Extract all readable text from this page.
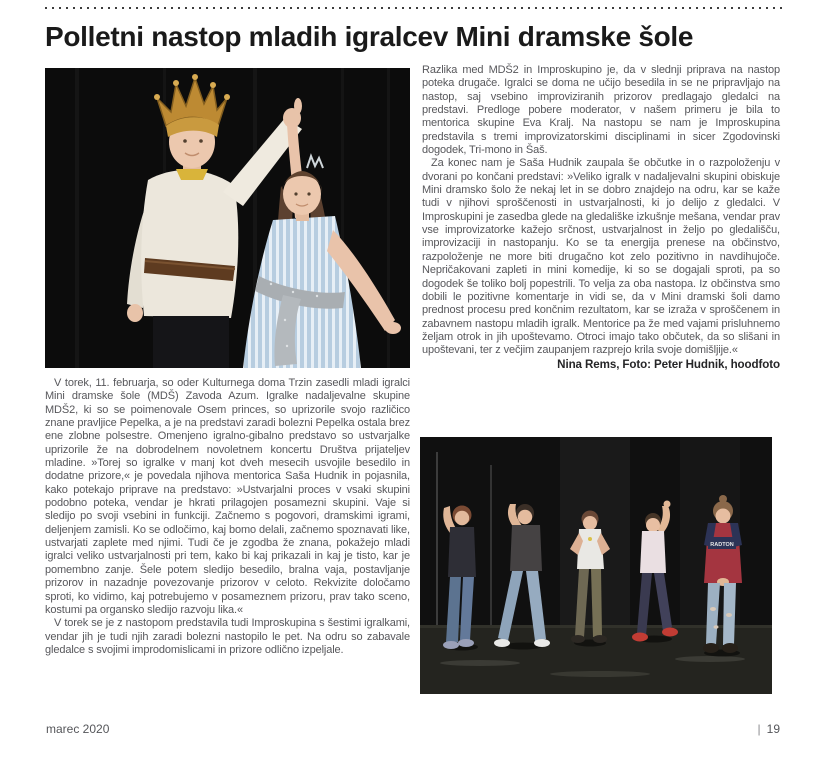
Polletni nastop mladih igralcev Mini dramske šole

V torek, 11. februarja, so oder Kulturnega doma Trzin zasedli mladi igralci Mini dramske šole (MDŠ) Zavoda Azum. Igralke nadaljevalne skupine MDŠ2, ki so se poimenovale Osem princes, so uprizorile svojo različico znane pravljice Pepelka, a je na predstavi zaradi bolezni Pepelka ostala brez ene zlobne polsestre. Omenjeno igralno-gibalno predstavo so ustvarjalke uprizorile že na dobrodelnem novoletnem koncertu Društva prijateljev mladine. »Torej so igralke v manj kot dveh mesecih usvojile besedilo in dodatne prizore,« je povedala njihova mentorica Saša Hudnik in pojasnila, kako potekajo priprave na predstavo: »Ustvarjalni proces v vsaki skupini podobno poteka, vendar je hkrati prilagojen posamezni skupini. Vaje si sledijo po svoji vsebini in funkciji. Začnemo s pogovori, dramskimi igrami, deljenjem zamisli. Ko se odločimo, kaj bomo delali, začnemo spoznavati like, ustvarjati zaplete med njimi. Tudi če je zgodba že znana, pokažejo mladi igralci veliko ustvarjalnosti pri tem, kako bi kaj prikazali in kaj je tisto, kar je pomembno zanje. Šele potem sledijo besedilo, bralna vaja, postavljanje prizorov in nazadnje povezovanje prizorov v celoto. Rekvizite določamo sproti, ko vidimo, kaj potrebujemo v posameznem prizoru, prav tako sceno, kostumi pa organsko sledijo razvoju lika.«

V torek se je z nastopom predstavila tudi Improskupina s šestimi igralkami, vendar jih je tudi njih zaradi bolezni nastopilo le pet. Na odru so zabavale gledalce s svojimi improdomislicami in prizore odlično izpeljale.

Razlika med MDŠ2 in Improskupino je, da v slednji priprava na nastop poteka drugače. Igralci se doma ne učijo besedila in se ne pripravljajo na nastop, saj vsebino improviziranih prizorov predlagajo gledalci na predstavi. Predloge pobere moderator, v našem primeru je bila to mentorica skupine Eva Kralj. Na nastopu se nam je Improskupina predstavila s tremi improvizatorskimi disciplinami in sicer Zgodovinski dogodek, Tri-mono in Šaš.

Za konec nam je Saša Hudnik zaupala še občutke in o razpoloženju v dvorani po končani predstavi: »Veliko igralk v nadaljevalni skupini obiskuje Mini dramsko šolo že nekaj let in se dobro znajdejo na odru, kar se kaže tudi v njihovi sproščenosti in ustvarjalnosti, ki jo delijo z gledalci. V Improskupini je zasedba glede na gledališke izkušnje mešana, vendar prav vse improvizatorke kažejo srčnost, ustvarjalnost in željo po gledališču, improvizaciji in nastopanju. Ko se ta energija prenese na občinstvo, razpoloženje ne more biti drugačno kot zelo pozitivno in navdihujoče. Nepričakovani zapleti in mini komedije, ki so se dogajali sproti, pa so dogodek še toliko bolj popestrili. To velja za oba nastopa. Iz občinstva smo dobili le pozitivne komentarje in vidi se, da v Mini dramski šoli damo prednost procesu pred končnim rezultatom, kar se izraža v sproščenem in zabavnem nastopu mladih igralk. Mentorice pa že med vajami prisluhnemo željam otrok in jih upoštevamo. Otroci imajo tako občutek, da so slišani in upoštevani, ter z večjim zaupanjem razprejo krila svoje domišljije.«

Nina Rems, Foto: Peter Hudnik, hoodfoto

RADTON
marec 2020	| 19
